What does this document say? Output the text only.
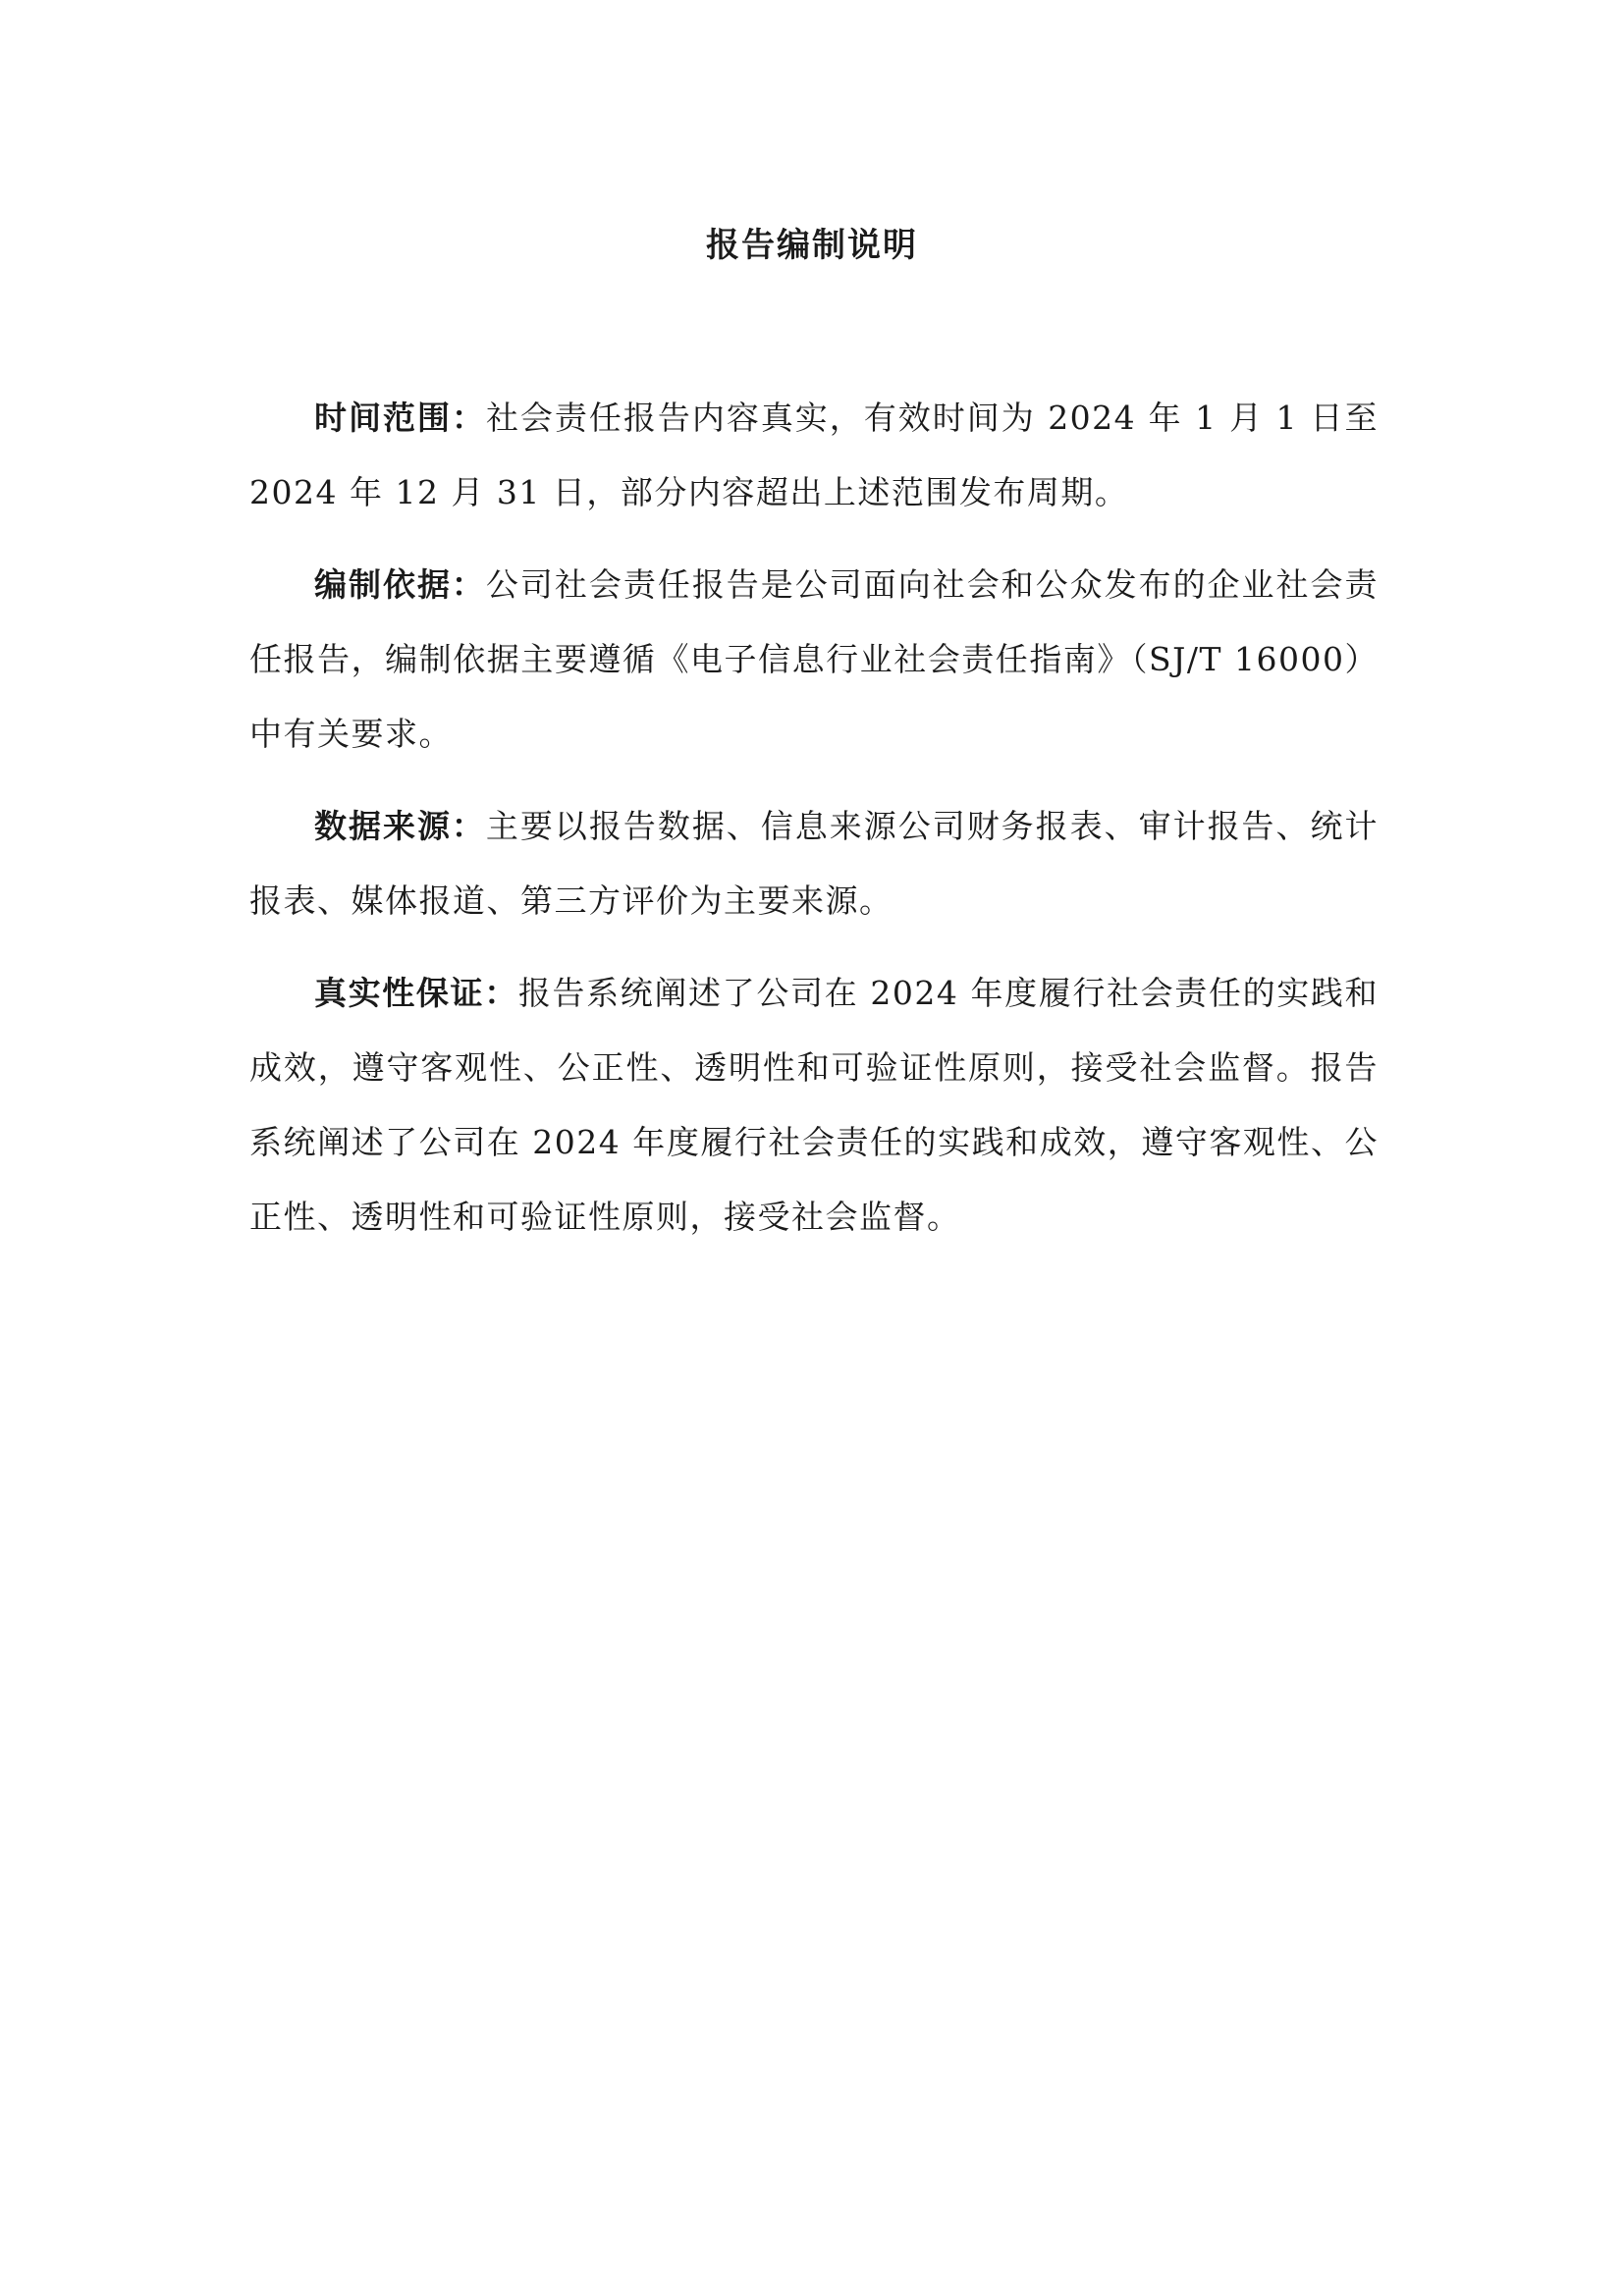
报告编制说明

时间范围：社会责任报告内容真实，有效时间为 2024 年 1 月 1 日至 2024 年 12 月 31 日，部分内容超出上述范围发布周期。

编制依据：公司社会责任报告是公司面向社会和公众发布的企业社会责任报告，编制依据主要遵循《电子信息行业社会责任指南》（SJ/T 16000）中有关要求。

数据来源：主要以报告数据、信息来源公司财务报表、审计报告、统计报表、媒体报道、第三方评价为主要来源。

真实性保证：报告系统阐述了公司在 2024 年度履行社会责任的实践和成效，遵守客观性、公正性、透明性和可验证性原则，接受社会监督。报告系统阐述了公司在 2024 年度履行社会责任的实践和成效，遵守客观性、公正性、透明性和可验证性原则，接受社会监督。
